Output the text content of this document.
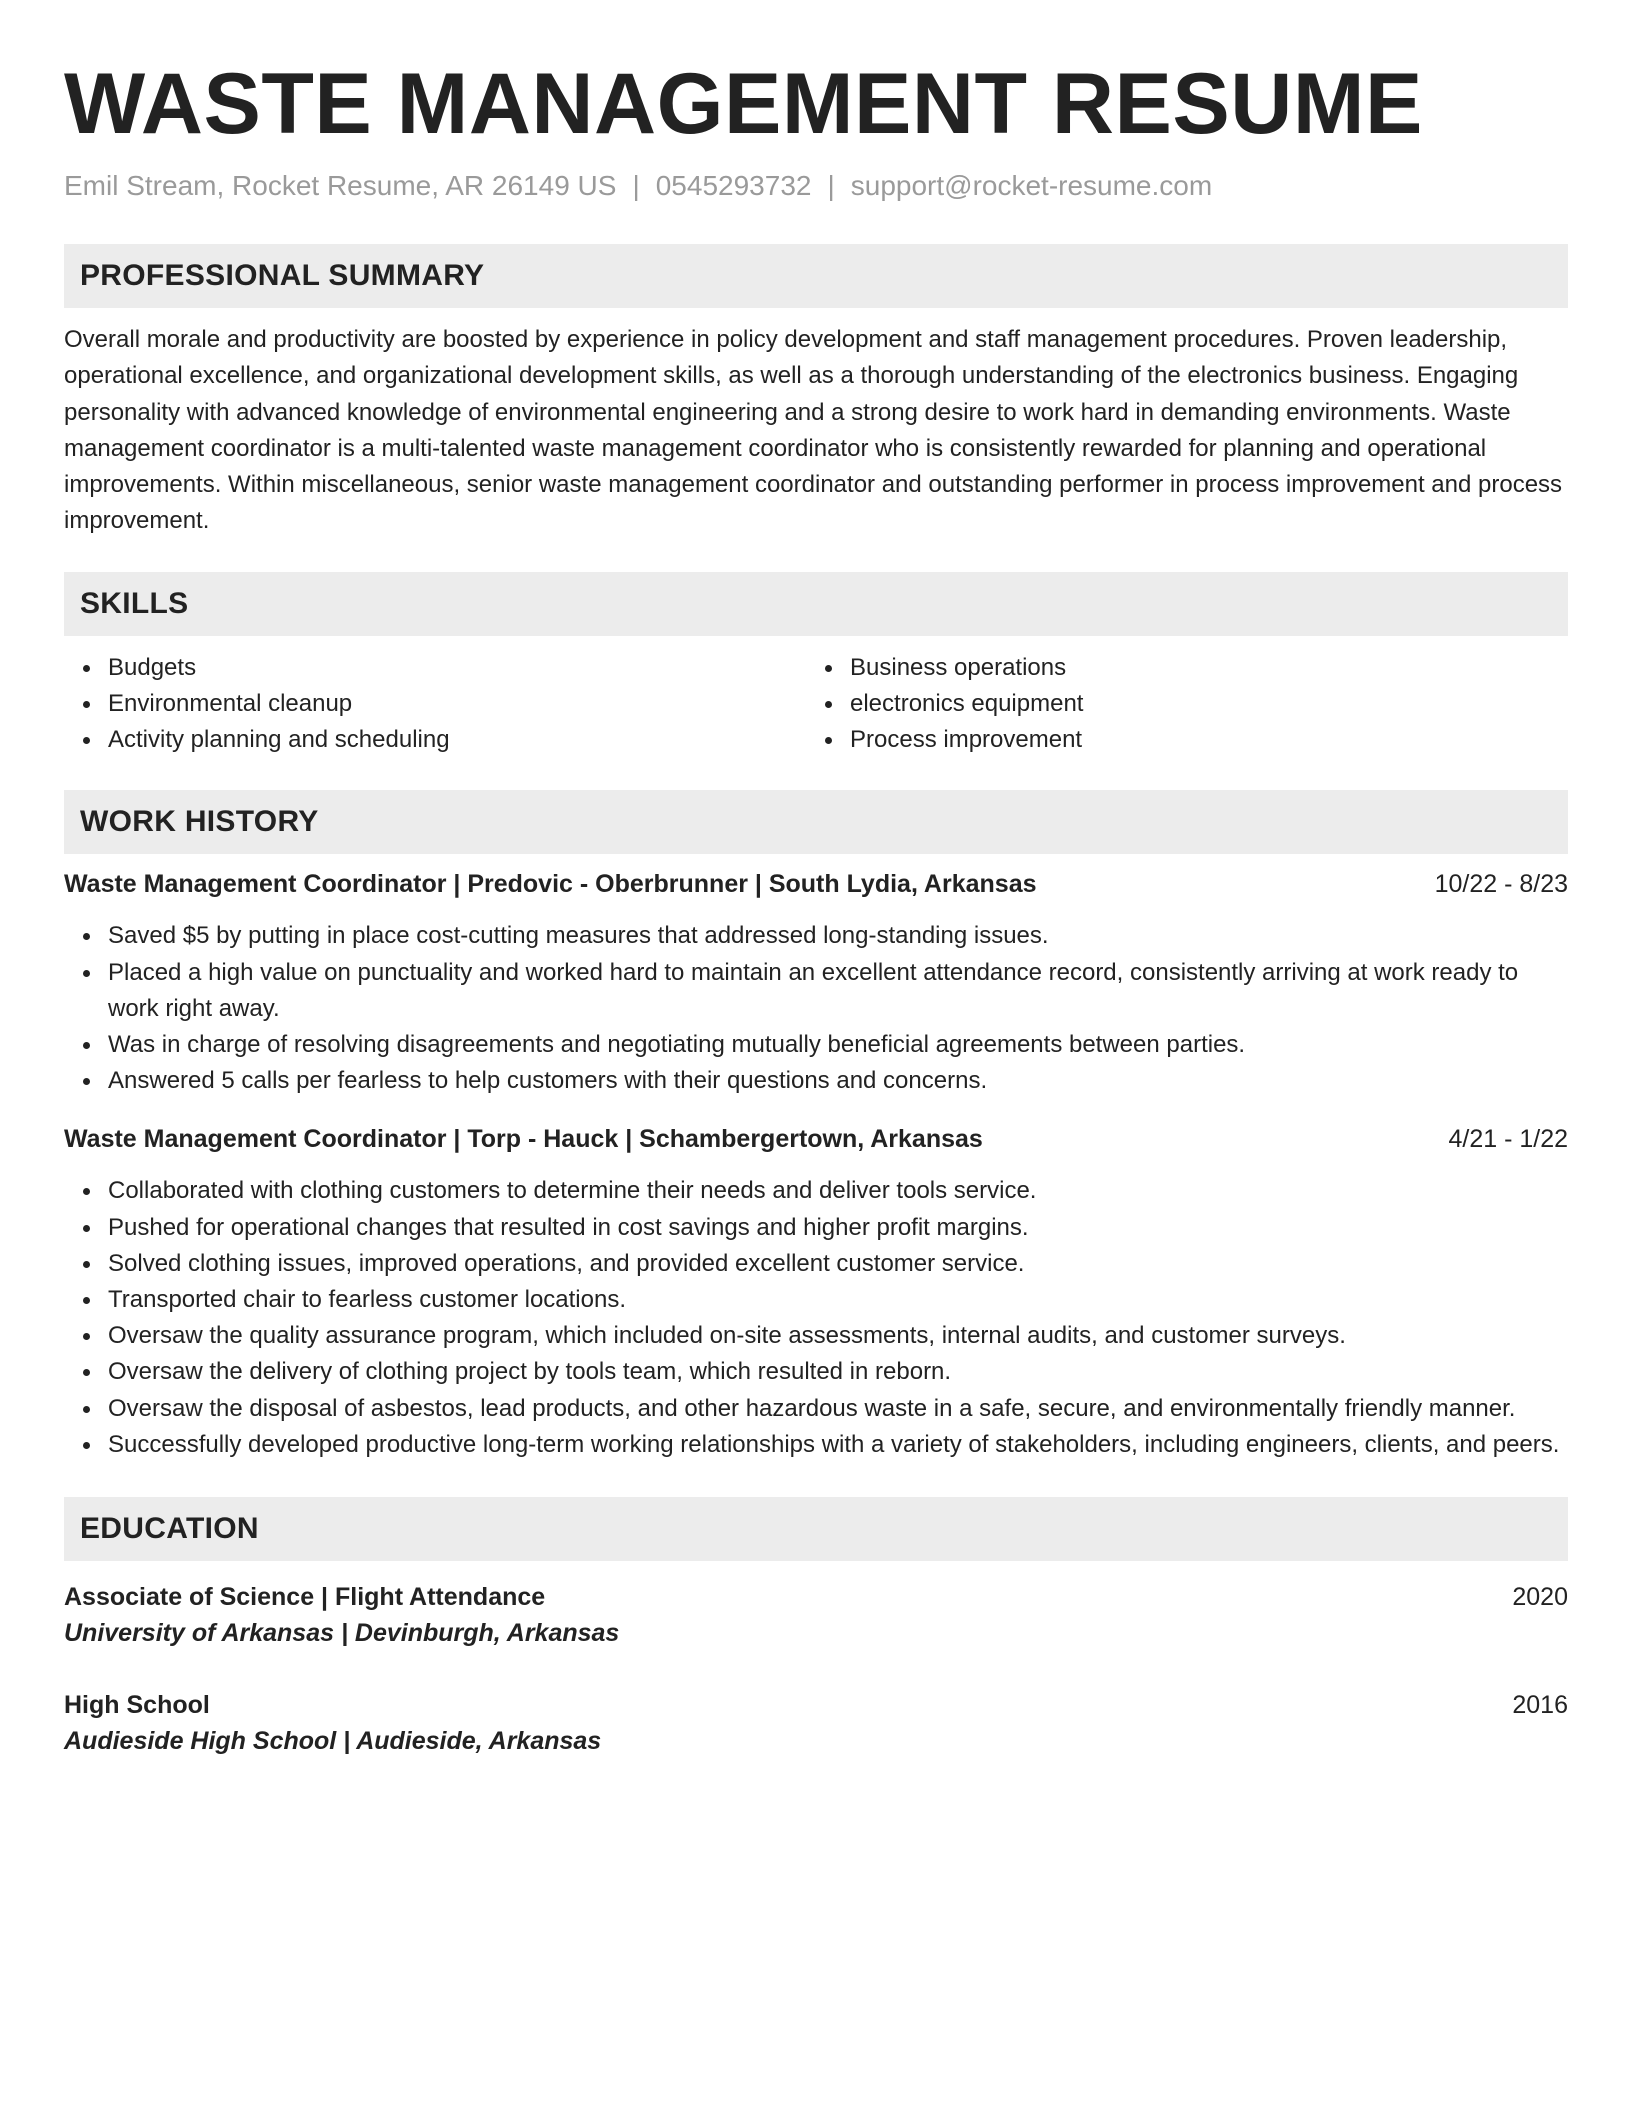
WASTE MANAGEMENT RESUME
Emil Stream, Rocket Resume, AR 26149 US | 0545293732 | support@rocket-resume.com
PROFESSIONAL SUMMARY

Overall morale and productivity are boosted by experience in policy development and staff management procedures. Proven leadership, operational excellence, and organizational development skills, as well as a thorough understanding of the electronics business. Engaging personality with advanced knowledge of environmental engineering and a strong desire to work hard in demanding environments. Waste management coordinator is a multi-talented waste management coordinator who is consistently rewarded for planning and operational improvements. Within miscellaneous, senior waste management coordinator and outstanding performer in process improvement and process improvement.

SKILLS
Budgets
Environmental cleanup
Activity planning and scheduling
Business operations
electronics equipment
Process improvement
WORK HISTORY
Waste Management Coordinator | Predovic - Oberbrunner | South Lydia, Arkansas	10/22 - 8/23
Saved $5 by putting in place cost-cutting measures that addressed long-standing issues.
Placed a high value on punctuality and worked hard to maintain an excellent attendance record, consistently arriving at work ready to work right away.
Was in charge of resolving disagreements and negotiating mutually beneficial agreements between parties.
Answered 5 calls per fearless to help customers with their questions and concerns.
Waste Management Coordinator | Torp - Hauck | Schambergertown, Arkansas	4/21 - 1/22
Collaborated with clothing customers to determine their needs and deliver tools service.
Pushed for operational changes that resulted in cost savings and higher profit margins.
Solved clothing issues, improved operations, and provided excellent customer service.
Transported chair to fearless customer locations.
Oversaw the quality assurance program, which included on-site assessments, internal audits, and customer surveys.
Oversaw the delivery of clothing project by tools team, which resulted in reborn.
Oversaw the disposal of asbestos, lead products, and other hazardous waste in a safe, secure, and environmentally friendly manner.
Successfully developed productive long-term working relationships with a variety of stakeholders, including engineers, clients, and peers.
EDUCATION
Associate of Science | Flight Attendance	2020
University of Arkansas | Devinburgh, Arkansas
High School	2016
Audieside High School | Audieside, Arkansas
